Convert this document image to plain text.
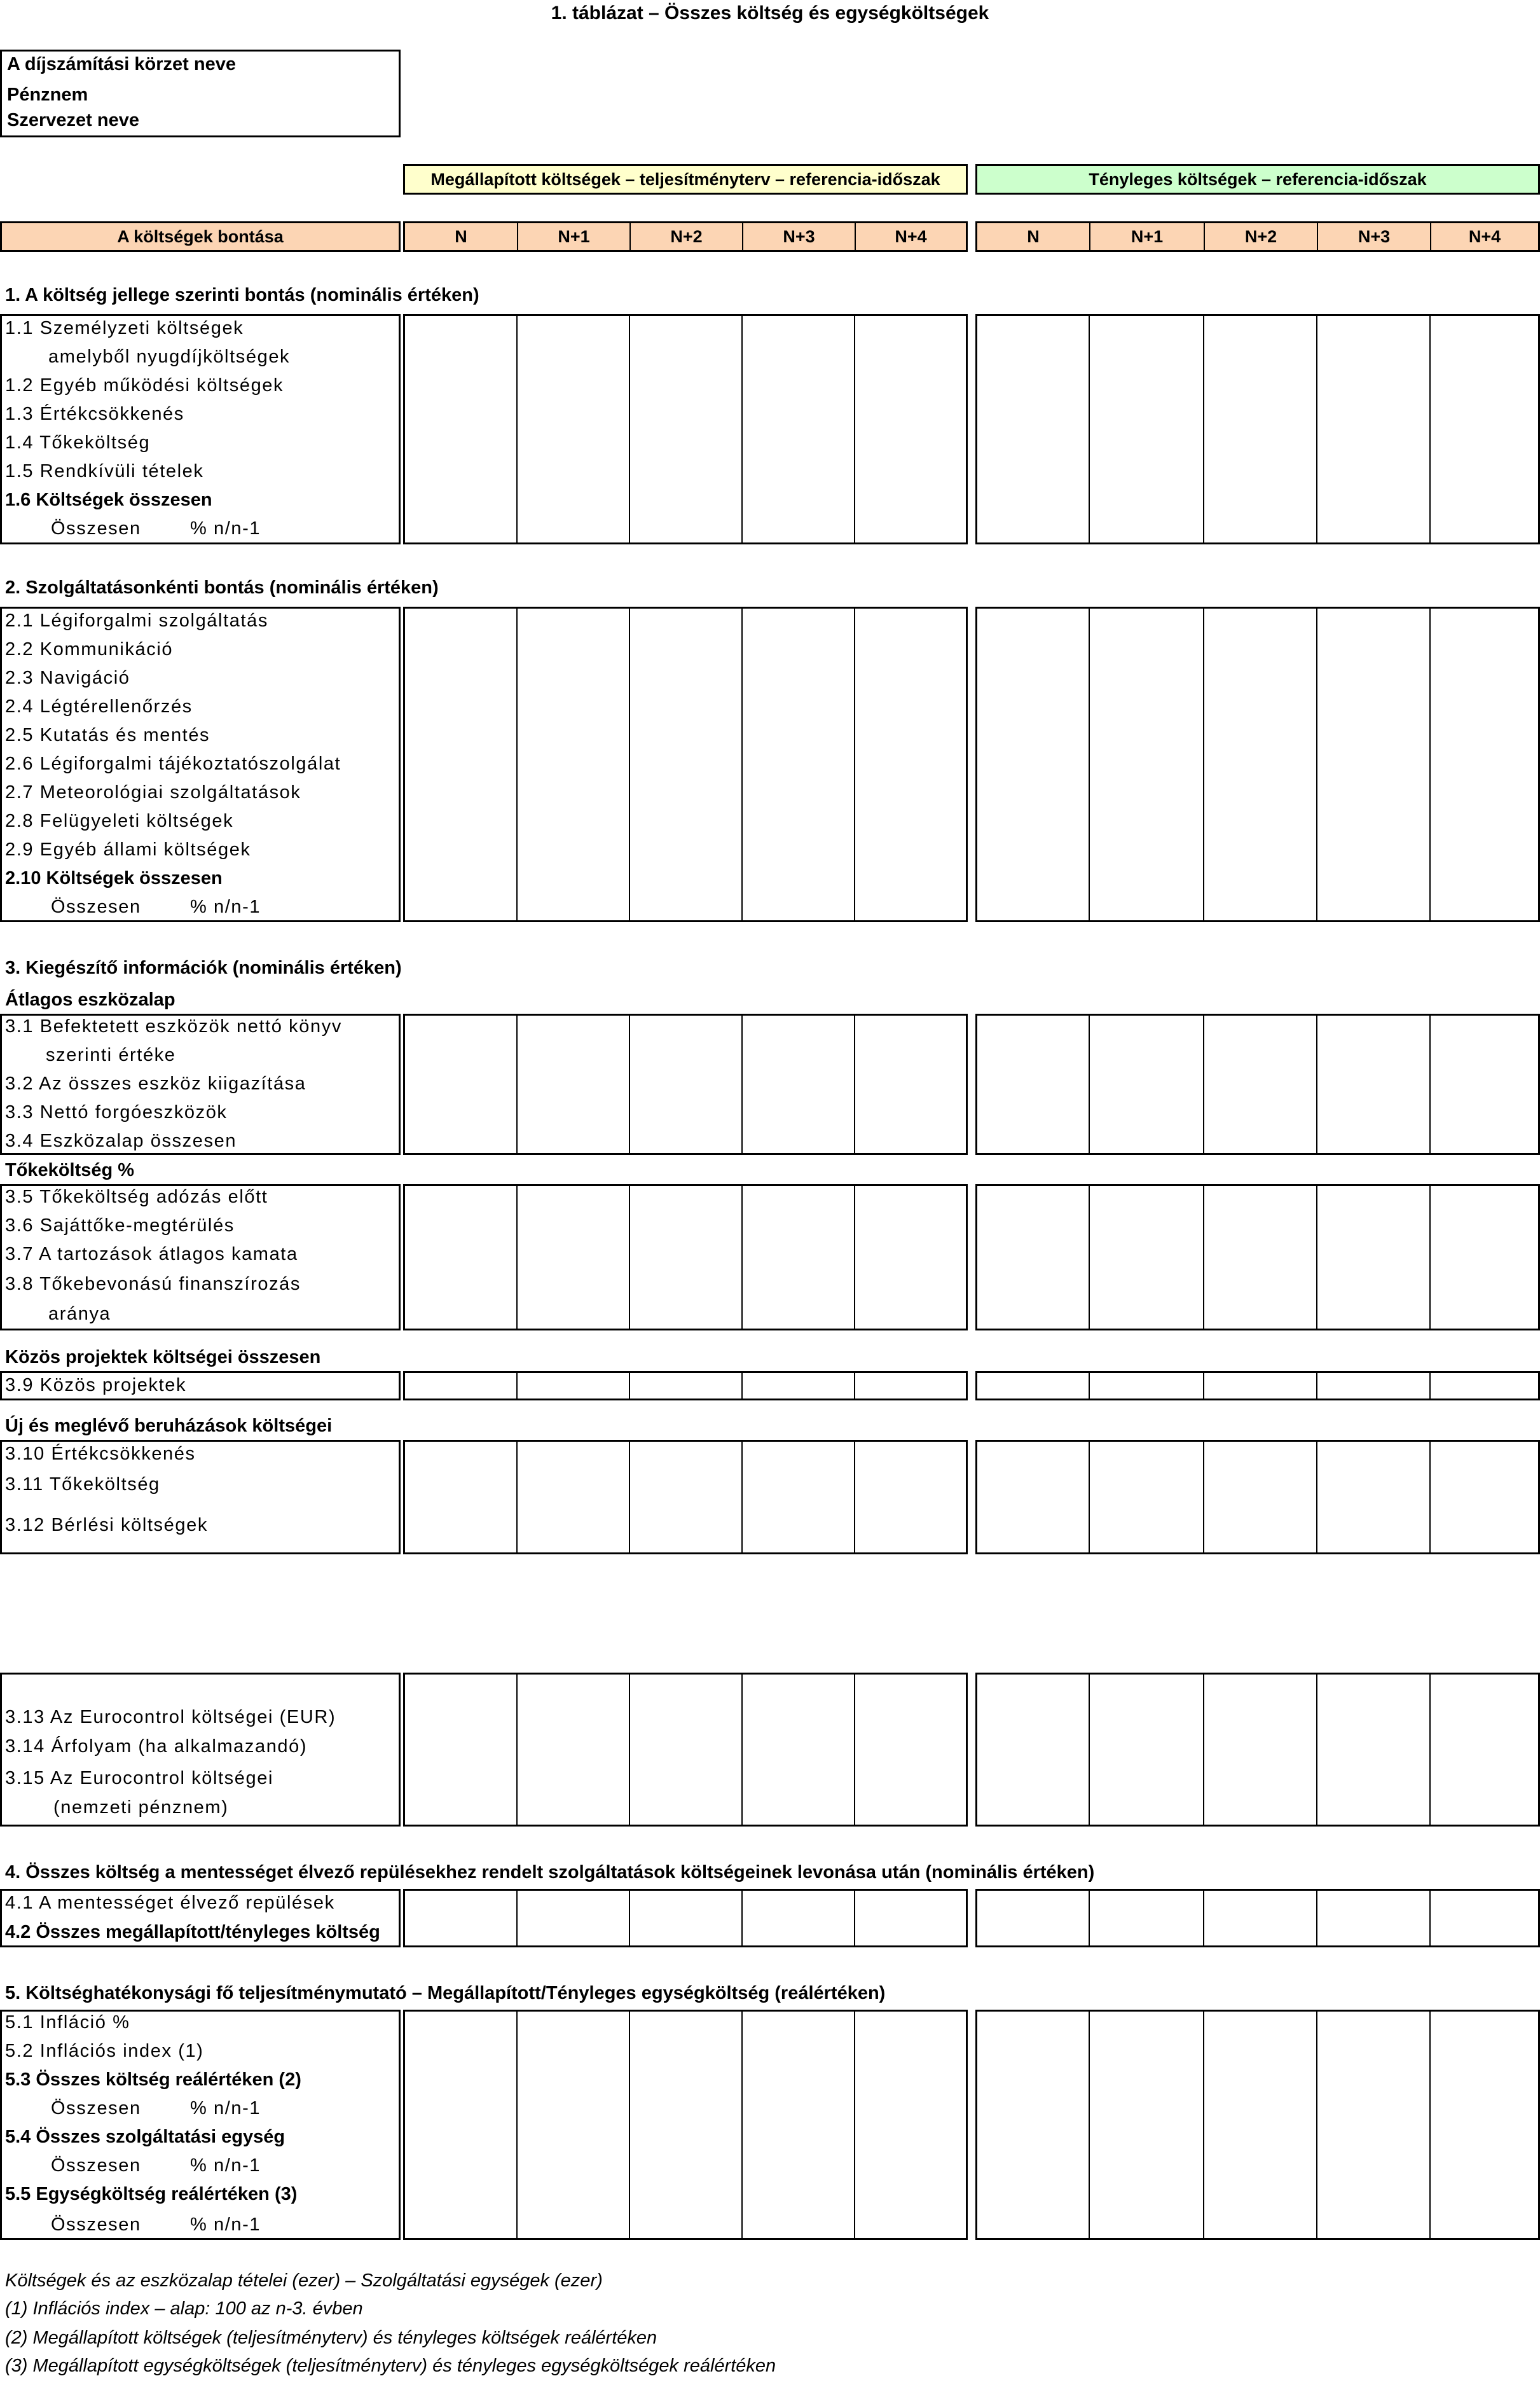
1. táblázat – Összes költség és egységköltségek
A díjszámítási körzet neve
Pénznem
Szervezet neve
Megállapított költségek – teljesítményterv – referencia-időszak	Tényleges költségek – referencia-időszak
A költségek bontása	N	N+1	N+2	N+3	N+4	N	N+1	N+2	N+3	N+4
1. A költség jellege szerinti bontás (nominális értéken)
1.1 Személyzeti költségek
amelyből nyugdíjköltségek
1.2 Egyéb működési költségek
1.3 Értékcsökkenés
1.4 Tőkeköltség
1.5 Rendkívüli tételek
1.6 Költségek összesen
Összesen        % n/n-1
2. Szolgáltatásonkénti bontás (nominális értéken)
2.1 Légiforgalmi szolgáltatás
2.2 Kommunikáció
2.3 Navigáció
2.4 Légtérellenőrzés
2.5 Kutatás és mentés
2.6 Légiforgalmi tájékoztatószolgálat
2.7 Meteorológiai szolgáltatások
2.8 Felügyeleti költségek
2.9 Egyéb állami költségek
2.10 Költségek összesen
Összesen        % n/n-1
3. Kiegészítő információk (nominális értéken)
Átlagos eszközalap
3.1 Befektetett eszközök nettó könyv
szerinti értéke
3.2 Az összes eszköz kiigazítása
3.3 Nettó forgóeszközök
3.4 Eszközalap összesen
Tőkeköltség %
3.5 Tőkeköltség adózás előtt
3.6 Sajáttőke-megtérülés
3.7 A tartozások átlagos kamata
3.8 Tőkebevonású finanszírozás
aránya
Közös projektek költségei összesen
3.9 Közös projektek
Új és meglévő beruházások költségei
3.10 Értékcsökkenés
3.11 Tőkeköltség
3.12 Bérlési költségek
3.13 Az Eurocontrol költségei (EUR)
3.14 Árfolyam (ha alkalmazandó)
3.15 Az Eurocontrol költségei
(nemzeti pénznem)
4. Összes költség a mentességet élvező repülésekhez rendelt szolgáltatások költségeinek levonása után (nominális értéken)
4.1 A mentességet élvező repülések
4.2 Összes megállapított/tényleges költség
5. Költséghatékonysági fő teljesítménymutató – Megállapított/Tényleges egységköltség (reálértéken)
5.1 Infláció %
5.2 Inflációs index (1)
5.3 Összes költség reálértéken (2)
Összesen        % n/n-1
5.4 Összes szolgáltatási egység
Összesen        % n/n-1
5.5 Egységköltség reálértéken (3)
Összesen        % n/n-1
Költségek és az eszközalap tételei (ezer) – Szolgáltatási egységek (ezer)
(1) Inflációs index – alap: 100 az n-3. évben
(2) Megállapított költségek (teljesítményterv) és tényleges költségek reálértéken
(3) Megállapított egységköltségek (teljesítményterv) és tényleges egységköltségek reálértéken
